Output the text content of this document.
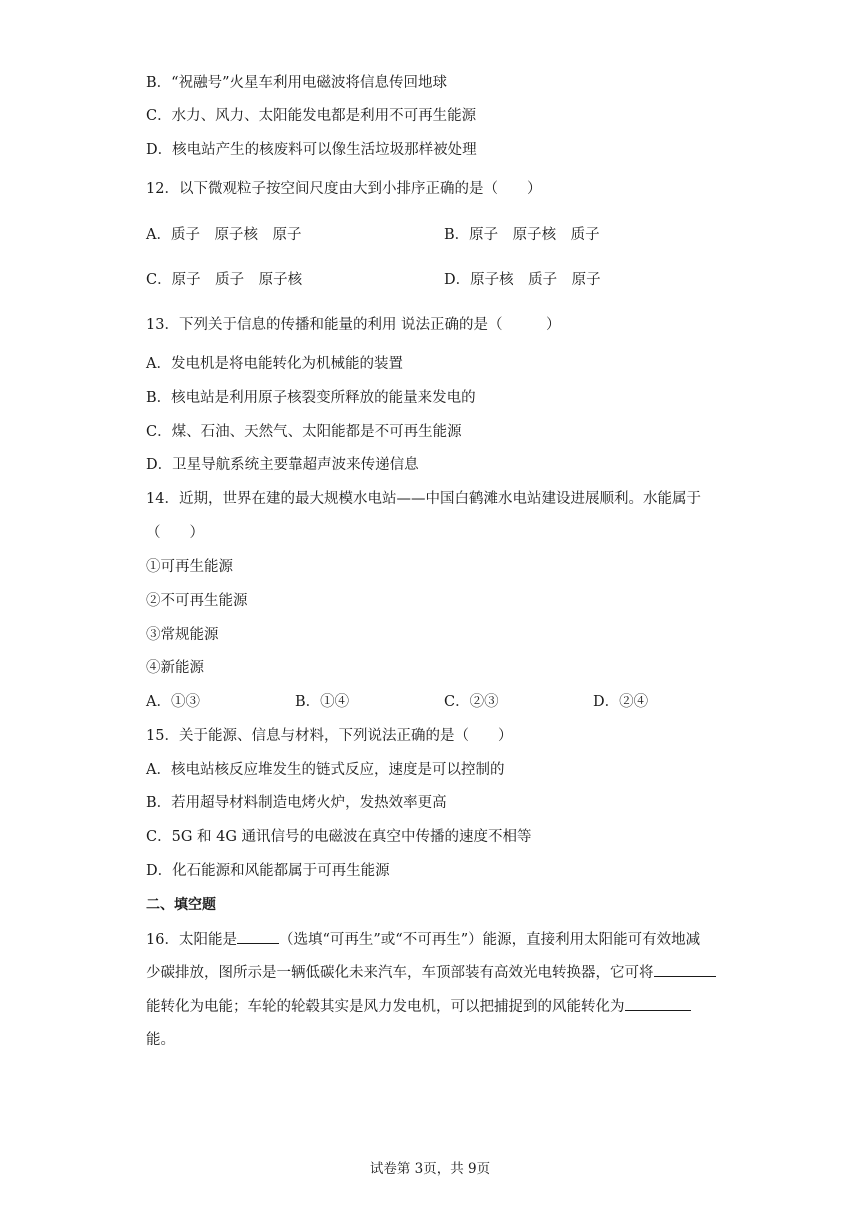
B．“祝融号”火星车利用电磁波将信息传回地球
C．水力、风力、太阳能发电都是利用不可再生能源
D．核电站产生的核废料可以像生活垃圾那样被处理
12．以下微观粒子按空间尺度由大到小排序正确的是（　　）
A．质子　原子核　原子	B．原子　原子核　质子
C．原子　质子　原子核	D．原子核　质子　原子
13．下列关于信息的传播和能量的利用 说法正确的是（　　　）
A．发电机是将电能转化为机械能的装置
B．核电站是利用原子核裂变所释放的能量来发电的
C．煤、石油、天然气、太阳能都是不可再生能源
D．卫星导航系统主要靠超声波来传递信息
14．近期，世界在建的最大规模水电站——中国白鹤滩水电站建设进展顺利。水能属于
（　　）
①可再生能源
②不可再生能源
③常规能源
④新能源
A．①③	B．①④	C．②③	D．②④
15．关于能源、信息与材料，下列说法正确的是（　　）
A．核电站核反应堆发生的链式反应，速度是可以控制的
B．若用超导材料制造电烤火炉，发热效率更高
C．5G 和 4G 通讯信号的电磁波在真空中传播的速度不相等
D．化石能源和风能都属于可再生能源
二、填空题
16．太阳能是	（选填“可再生”或“不可再生”）能源，直接利用太阳能可有效地减
少碳排放，图所示是一辆低碳化未来汽车，车顶部装有高效光电转换器，它可将
能转化为电能；车轮的轮毂其实是风力发电机，可以把捕捉到的风能转化为
能。
试卷第 3页，共 9页
